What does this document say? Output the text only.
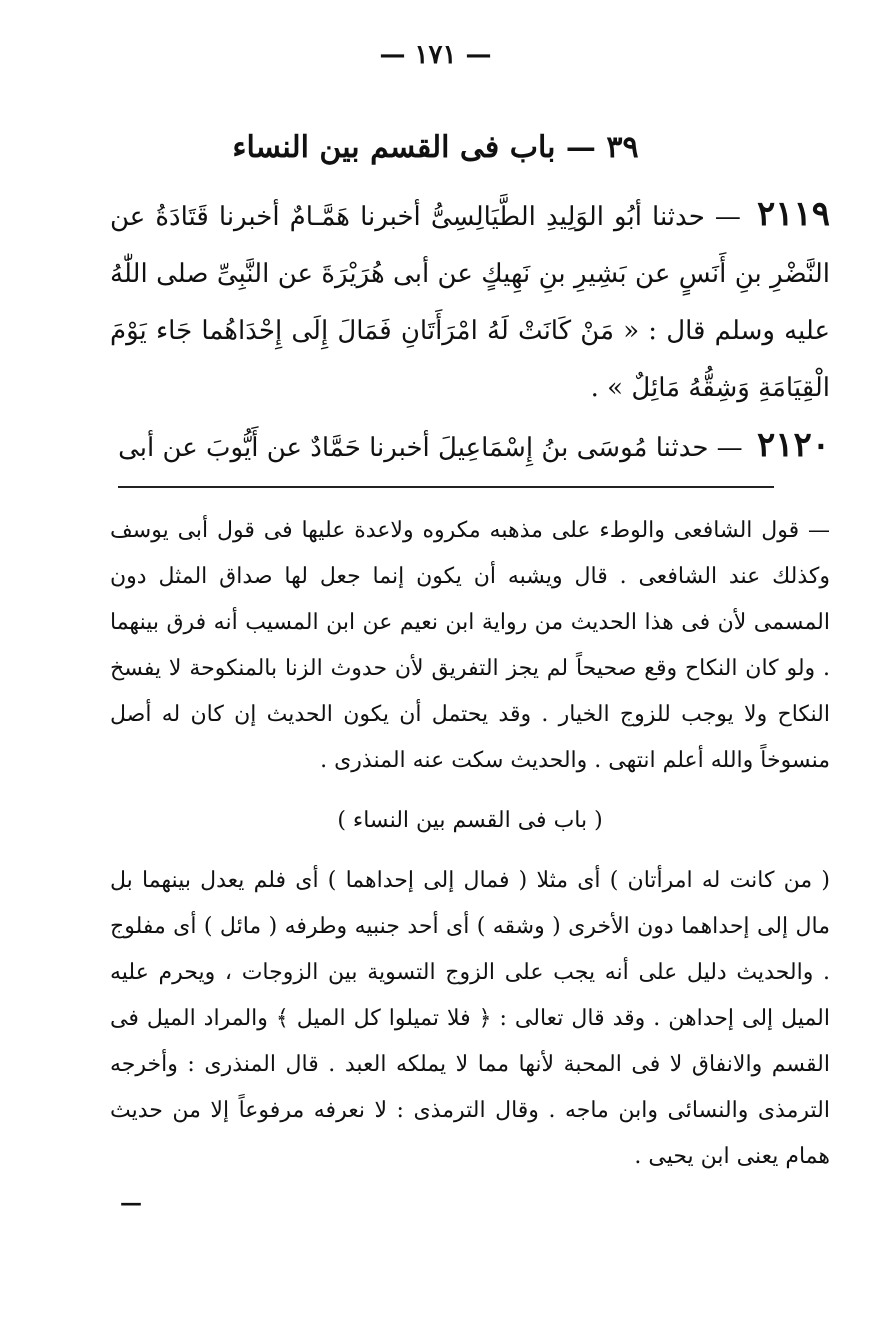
— ١٧١ —
٣٩ — باب فى القسم بين النساء

٢١١٩ — حدثنا أبُو الوَلِيدِ الطَّيَالِسِىُّ أخبرنا هَمَّـامٌ أخبرنا قَتَادَةُ عن النَّضْرِ بنِ أَنَسٍ عن بَشِيرِ بنِ نَهِيكٍ عن أبى هُرَيْرَةَ عن النَّبِىِّ صلى اللّٰهُ عليه وسلم قال : « مَنْ كَانَتْ لَهُ امْرَأَتَانِ فَمَالَ إِلَى إِحْدَاهُما جَاء يَوْمَ الْقِيَامَةِ وَشِقُّهُ مَائِلٌ » .

٢١٢٠ — حدثنا مُوسَى بنُ إِسْمَاعِيلَ أخبرنا حَمَّادٌ عن أَيُّوبَ عن أبى

— قول الشافعى والوطء على مذهبه مكروه ولاعدة عليها فى قول أبى يوسف وكذلك عند الشافعى . قال ويشبه أن يكون إنما جعل لها صداق المثل دون المسمى لأن فى هذا الحديث من رواية ابن نعيم عن ابن المسيب أنه فرق بينهما . ولو كان النكاح وقع صحيحاً لم يجز التفريق لأن حدوث الزنا بالمنكوحة لا يفسخ النكاح ولا يوجب للزوج الخيار . وقد يحتمل أن يكون الحديث إن كان له أصل منسوخاً والله أعلم انتهى . والحديث سكت عنه المنذرى .

( باب فى القسم بين النساء )

( من كانت له امرأتان ) أى مثلا ( فمال إلى إحداهما ) أى فلم يعدل بينهما بل مال إلى إحداهما دون الأخرى ( وشقه ) أى أحد جنبيه وطرفه ( مائل ) أى مفلوج . والحديث دليل على أنه يجب على الزوج التسوية بين الزوجات ، ويحرم عليه الميل إلى إحداهن . وقد قال تعالى : ﴿ فلا تميلوا كل الميل ﴾ والمراد الميل فى القسم والانفاق لا فى المحبة لأنها مما لا يملكه العبد . قال المنذرى : وأخرجه الترمذى والنسائى وابن ماجه . وقال الترمذى : لا نعرفه مرفوعاً إلا من حديث همام يعنى ابن يحيى .

—
